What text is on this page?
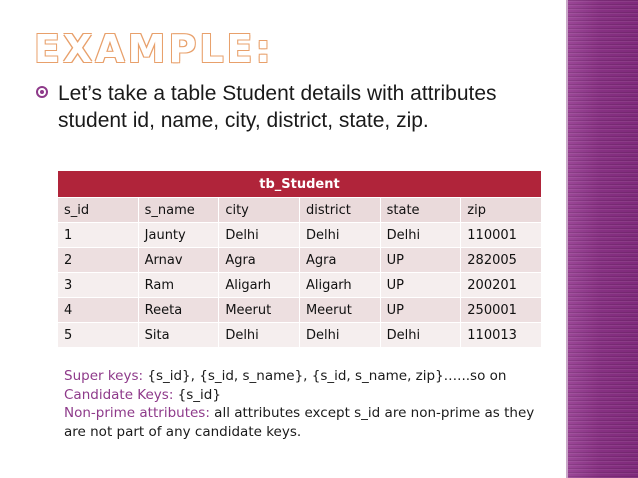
EXAMPLE:
Let’s take a table Student details with attributes student id, name, city, district, state, zip.
tb_Student					
s_id	s_name	city	district	state	zip
1	Jaunty	Delhi	Delhi	Delhi	110001
2	Arnav	Agra	Agra	UP	282005
3	Ram	Aligarh	Aligarh	UP	200201
4	Reeta	Meerut	Meerut	UP	250001
5	Sita	Delhi	Delhi	Delhi	110013
Super keys: {s_id}, {s_id, s_name}, {s_id, s_name, zip}…...so on
Candidate Keys: {s_id}
Non-prime attributes: all attributes except s_id are non-prime as they are not part of any candidate keys.
